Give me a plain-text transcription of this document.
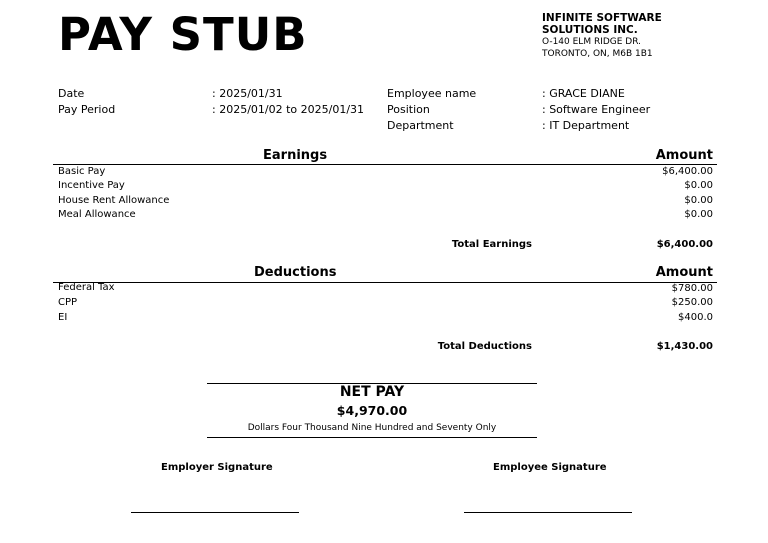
PAY STUB	INFINITE SOFTWARE
SOLUTIONS INC.
O-140 ELM RIDGE DR.
TORONTO, ON, M6B 1B1
Date	: 2025/01/31
Pay Period	: 2025/01/02 to 2025/01/31
Employee name	: GRACE DIANE
Position	: Software Engineer
Department	: IT Department
Earnings	Amount
Basic Pay	$6,400.00
Incentive Pay	$0.00
House Rent Allowance	$0.00
Meal Allowance	$0.00
Total Earnings	$6,400.00
Deductions	Amount
Federal Tax	$780.00
CPP	$250.00
EI	$400.0
Total Deductions	$1,430.00
NET PAY
$4,970.00
Dollars Four Thousand Nine Hundred and Seventy Only
Employer Signature	Employee Signature
